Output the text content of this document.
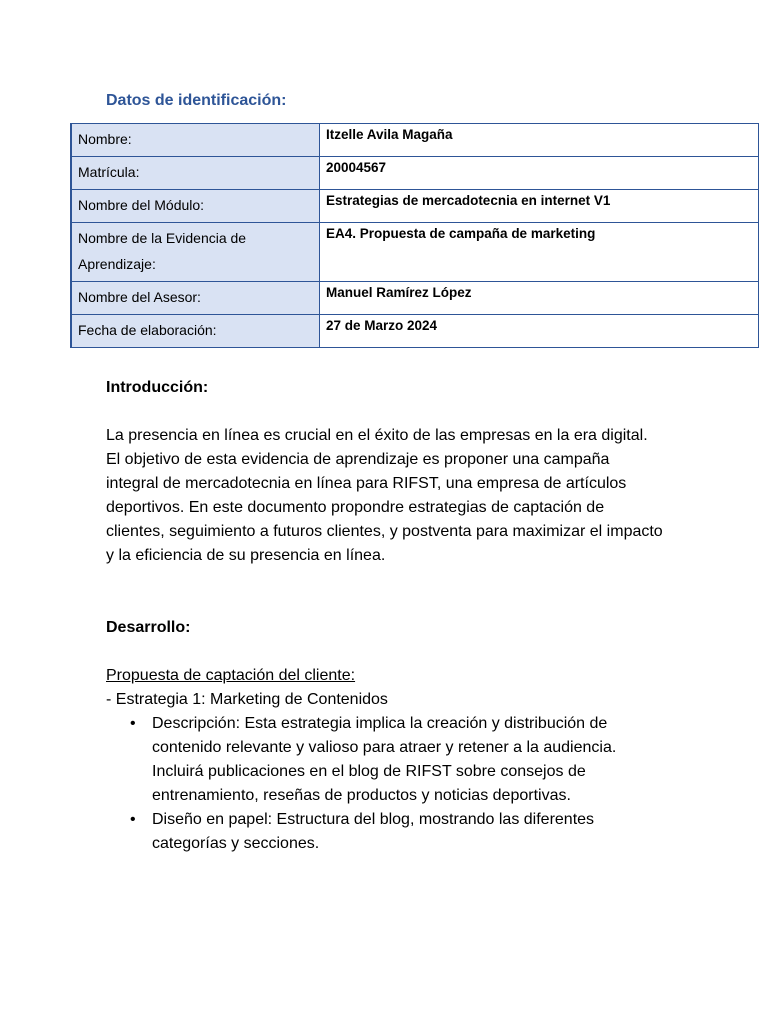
Datos de identificación:
Nombre:	Itzelle Avila Magaña
Matrícula:	20004567
Nombre del Módulo:	Estrategias de mercadotecnia en internet V1
Nombre de la Evidencia de Aprendizaje:	EA4. Propuesta de campaña de marketing
Nombre del Asesor:	Manuel Ramírez López
Fecha de elaboración:	27 de Marzo 2024
Introducción:
La presencia en línea es crucial en el éxito de las empresas en la era digital. El objetivo de esta evidencia de aprendizaje es proponer una campaña integral de mercadotecnia en línea para RIFST, una empresa de artículos deportivos. En este documento propondre estrategias de captación de clientes, seguimiento a futuros clientes, y postventa para maximizar el impacto y la eficiencia de su presencia en línea.
Desarrollo:
Propuesta de captación del cliente:
- Estrategia 1: Marketing de Contenidos
• Descripción: Esta estrategia implica la creación y distribución de contenido relevante y valioso para atraer y retener a la audiencia. Incluirá publicaciones en el blog de RIFST sobre consejos de entrenamiento, reseñas de productos y noticias deportivas.
• Diseño en papel: Estructura del blog, mostrando las diferentes categorías y secciones.
